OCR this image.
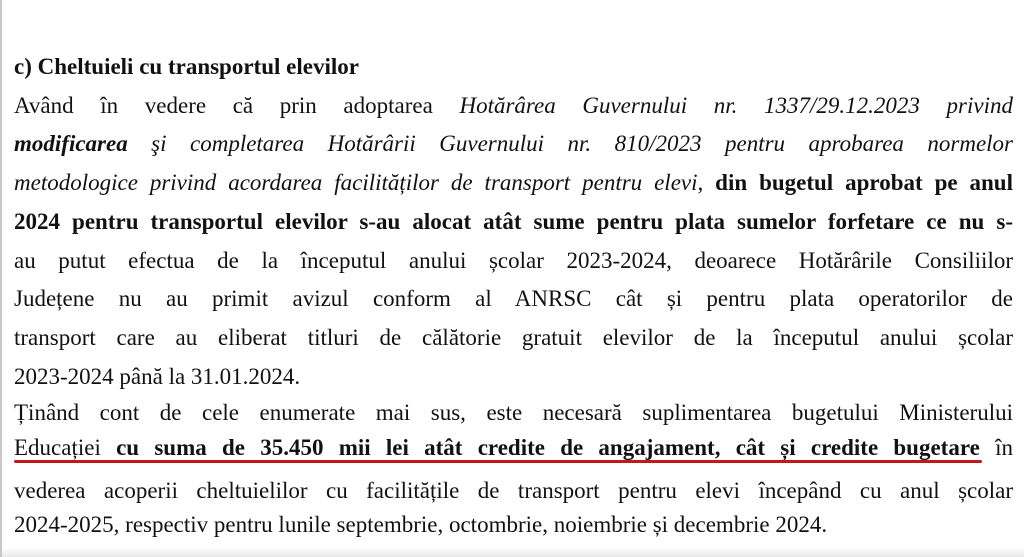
c) Cheltuieli cu transportul elevilor
Având în vedere că prin adoptarea Hotărârea Guvernului nr. 1337/29.12.2023 privind
modificarea şi completarea Hotărârii Guvernului nr. 810/2023 pentru aprobarea normelor
metodologice privind acordarea facilităților de transport pentru elevi, din bugetul aprobat pe anul
2024 pentru transportul elevilor s-au alocat atât sume pentru plata sumelor forfetare ce nu s-
au putut efectua de la începutul anului școlar 2023-2024, deoarece Hotărârile Consiliilor
Județene nu au primit avizul conform al ANRSC cât și pentru plata operatorilor de
transport care au eliberat titluri de călătorie gratuit elevilor de la începutul anului școlar
2023-2024 până la 31.01.2024.
Ținând cont de cele enumerate mai sus, este necesară suplimentarea bugetului Ministerului
Educației cu suma de 35.450 mii lei atât credite de angajament, cât și credite bugetare în
vederea acoperii cheltuielilor cu facilitățile de transport pentru elevi începând cu anul școlar
2024-2025, respectiv pentru lunile septembrie, octombrie, noiembrie și decembrie 2024.
